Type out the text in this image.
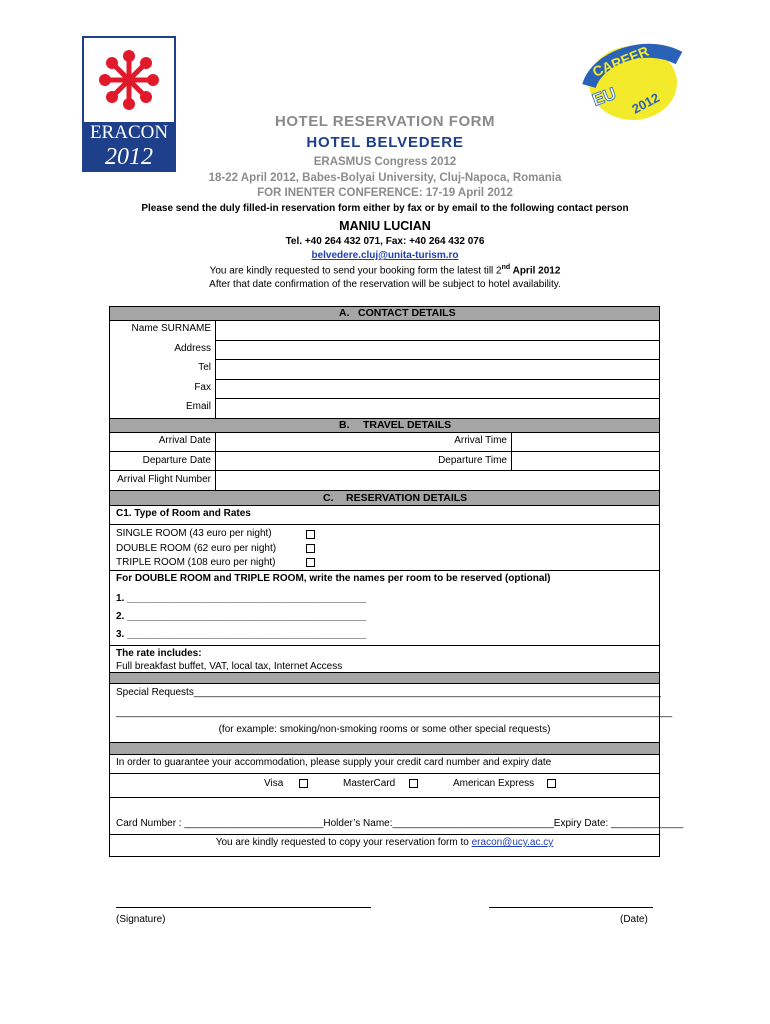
ERACON
2012
CAREER
EU 2012
HOTEL RESERVATION FORM
HOTEL BELVEDERE
ERASMUS Congress 2012
18-22 April 2012, Babes-Bolyai University, Cluj-Napoca, Romania
FOR INENTER CONFERENCE: 17-19 April 2012
Please send the duly filled-in reservation form either by fax or by email to the following contact person
MANIU LUCIAN
Tel. +40 264 432 071, Fax: +40 264 432 076
belvedere.cluj@unita-turism.ro
You are kindly requested to send your booking form the latest till 2nd April 2012
After that date confirmation of the reservation will be subject to hotel availability.
A. CONTACT DETAILS
Name SURNAME
Address
Tel
Fax
Email
B. TRAVEL DETAILS
Arrival Date	Arrival Time
Departure Date	Departure Time
Arrival Flight Number
C. RESERVATION DETAILS
C1. Type of Room and Rates
SINGLE ROOM (43 euro per night)
DOUBLE ROOM (62 euro per night)
TRIPLE ROOM (108 euro per night)
For DOUBLE ROOM and TRIPLE ROOM, write the names per room to be reserved (optional)
1. ___________________________________________
2. ___________________________________________
3. ___________________________________________
The rate includes:
Full breakfast buffet, VAT, local tax, Internet Access
Special Requests____________________________________________________________________________________
____________________________________________________________________________________________________
(for example: smoking/non-smoking rooms or some other special requests)
In order to guarantee your accommodation, please supply your credit card number and expiry date
Visa	MasterCard	American Express
Card Number : _________________________Holder’s Name:_____________________________Expiry Date: _____________
You are kindly requested to copy your reservation form to eracon@ucy.ac.cy
(Signature)	(Date)
